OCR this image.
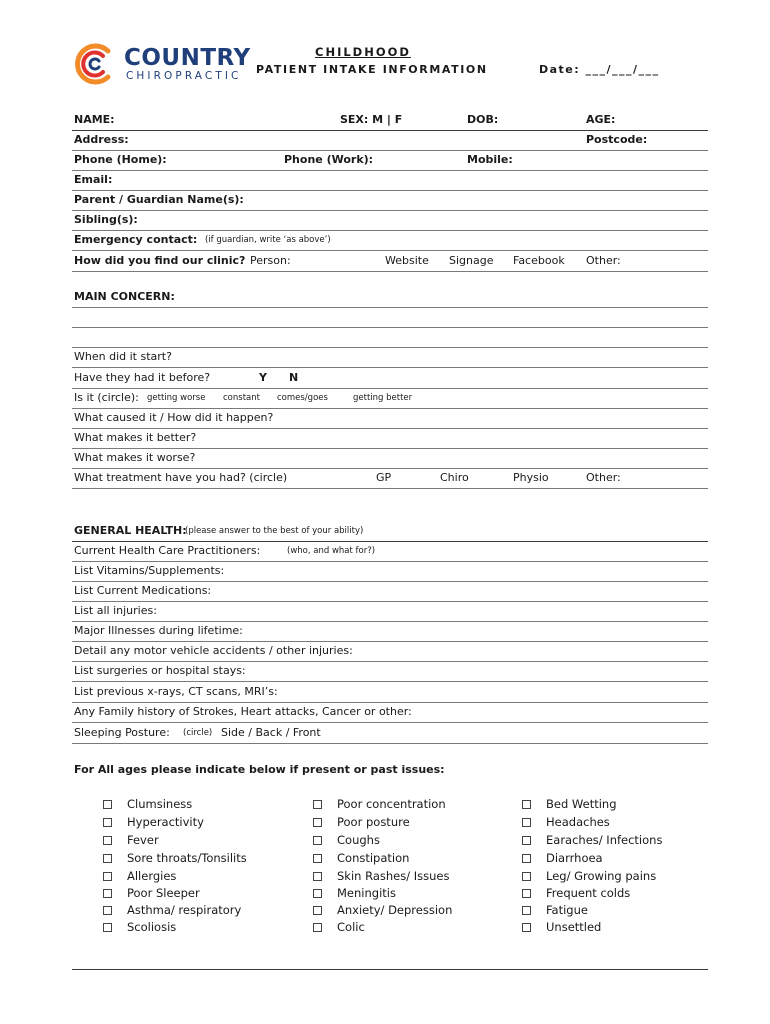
COUNTRY
CHIROPRACTIC
CHILDHOOD
PATIENT INTAKE INFORMATION	Date: ___/___/___
NAME:	SEX: M | F	DOB:	AGE:
Address:	Postcode:
Phone (Home):	Phone (Work):	Mobile:
Email:
Parent / Guardian Name(s):
Sibling(s):
Emergency contact: (if guardian, write ‘as above’)
How did you find our clinic? Person:	Website Signage Facebook Other:
MAIN CONCERN:
When did it start?
Have they had it before?	Y N
Is it (circle): getting worse constant comes/goes	getting better
What caused it / How did it happen?
What makes it better?
What makes it worse?
What treatment have you had? (circle)	GP	Chiro	Physio	Other:
GENERAL HEALTH:
(please answer to the best of your ability)
Current Health Care Practitioners:	(who, and what for?)
List Vitamins/Supplements:
List Current Medications:
List all injuries:
Major Illnesses during lifetime:
Detail any motor vehicle accidents / other injuries:
List surgeries or hospital stays:
List previous x-rays, CT scans, MRI’s:
Any Family history of Strokes, Heart attacks, Cancer or other:
Sleeping Posture: (circle) Side / Back / Front
For All ages please indicate below if present or past issues:
Clumsiness
Hyperactivity
Fever
Sore throats/Tonsilits
Allergies
Poor Sleeper
Asthma/ respiratory
Scoliosis
Poor concentration
Poor posture
Coughs
Constipation
Skin Rashes/ Issues
Meningitis
Anxiety/ Depression
Colic
Bed Wetting
Headaches
Earaches/ Infections
Diarrhoea
Leg/ Growing pains
Frequent colds
Fatigue
Unsettled
